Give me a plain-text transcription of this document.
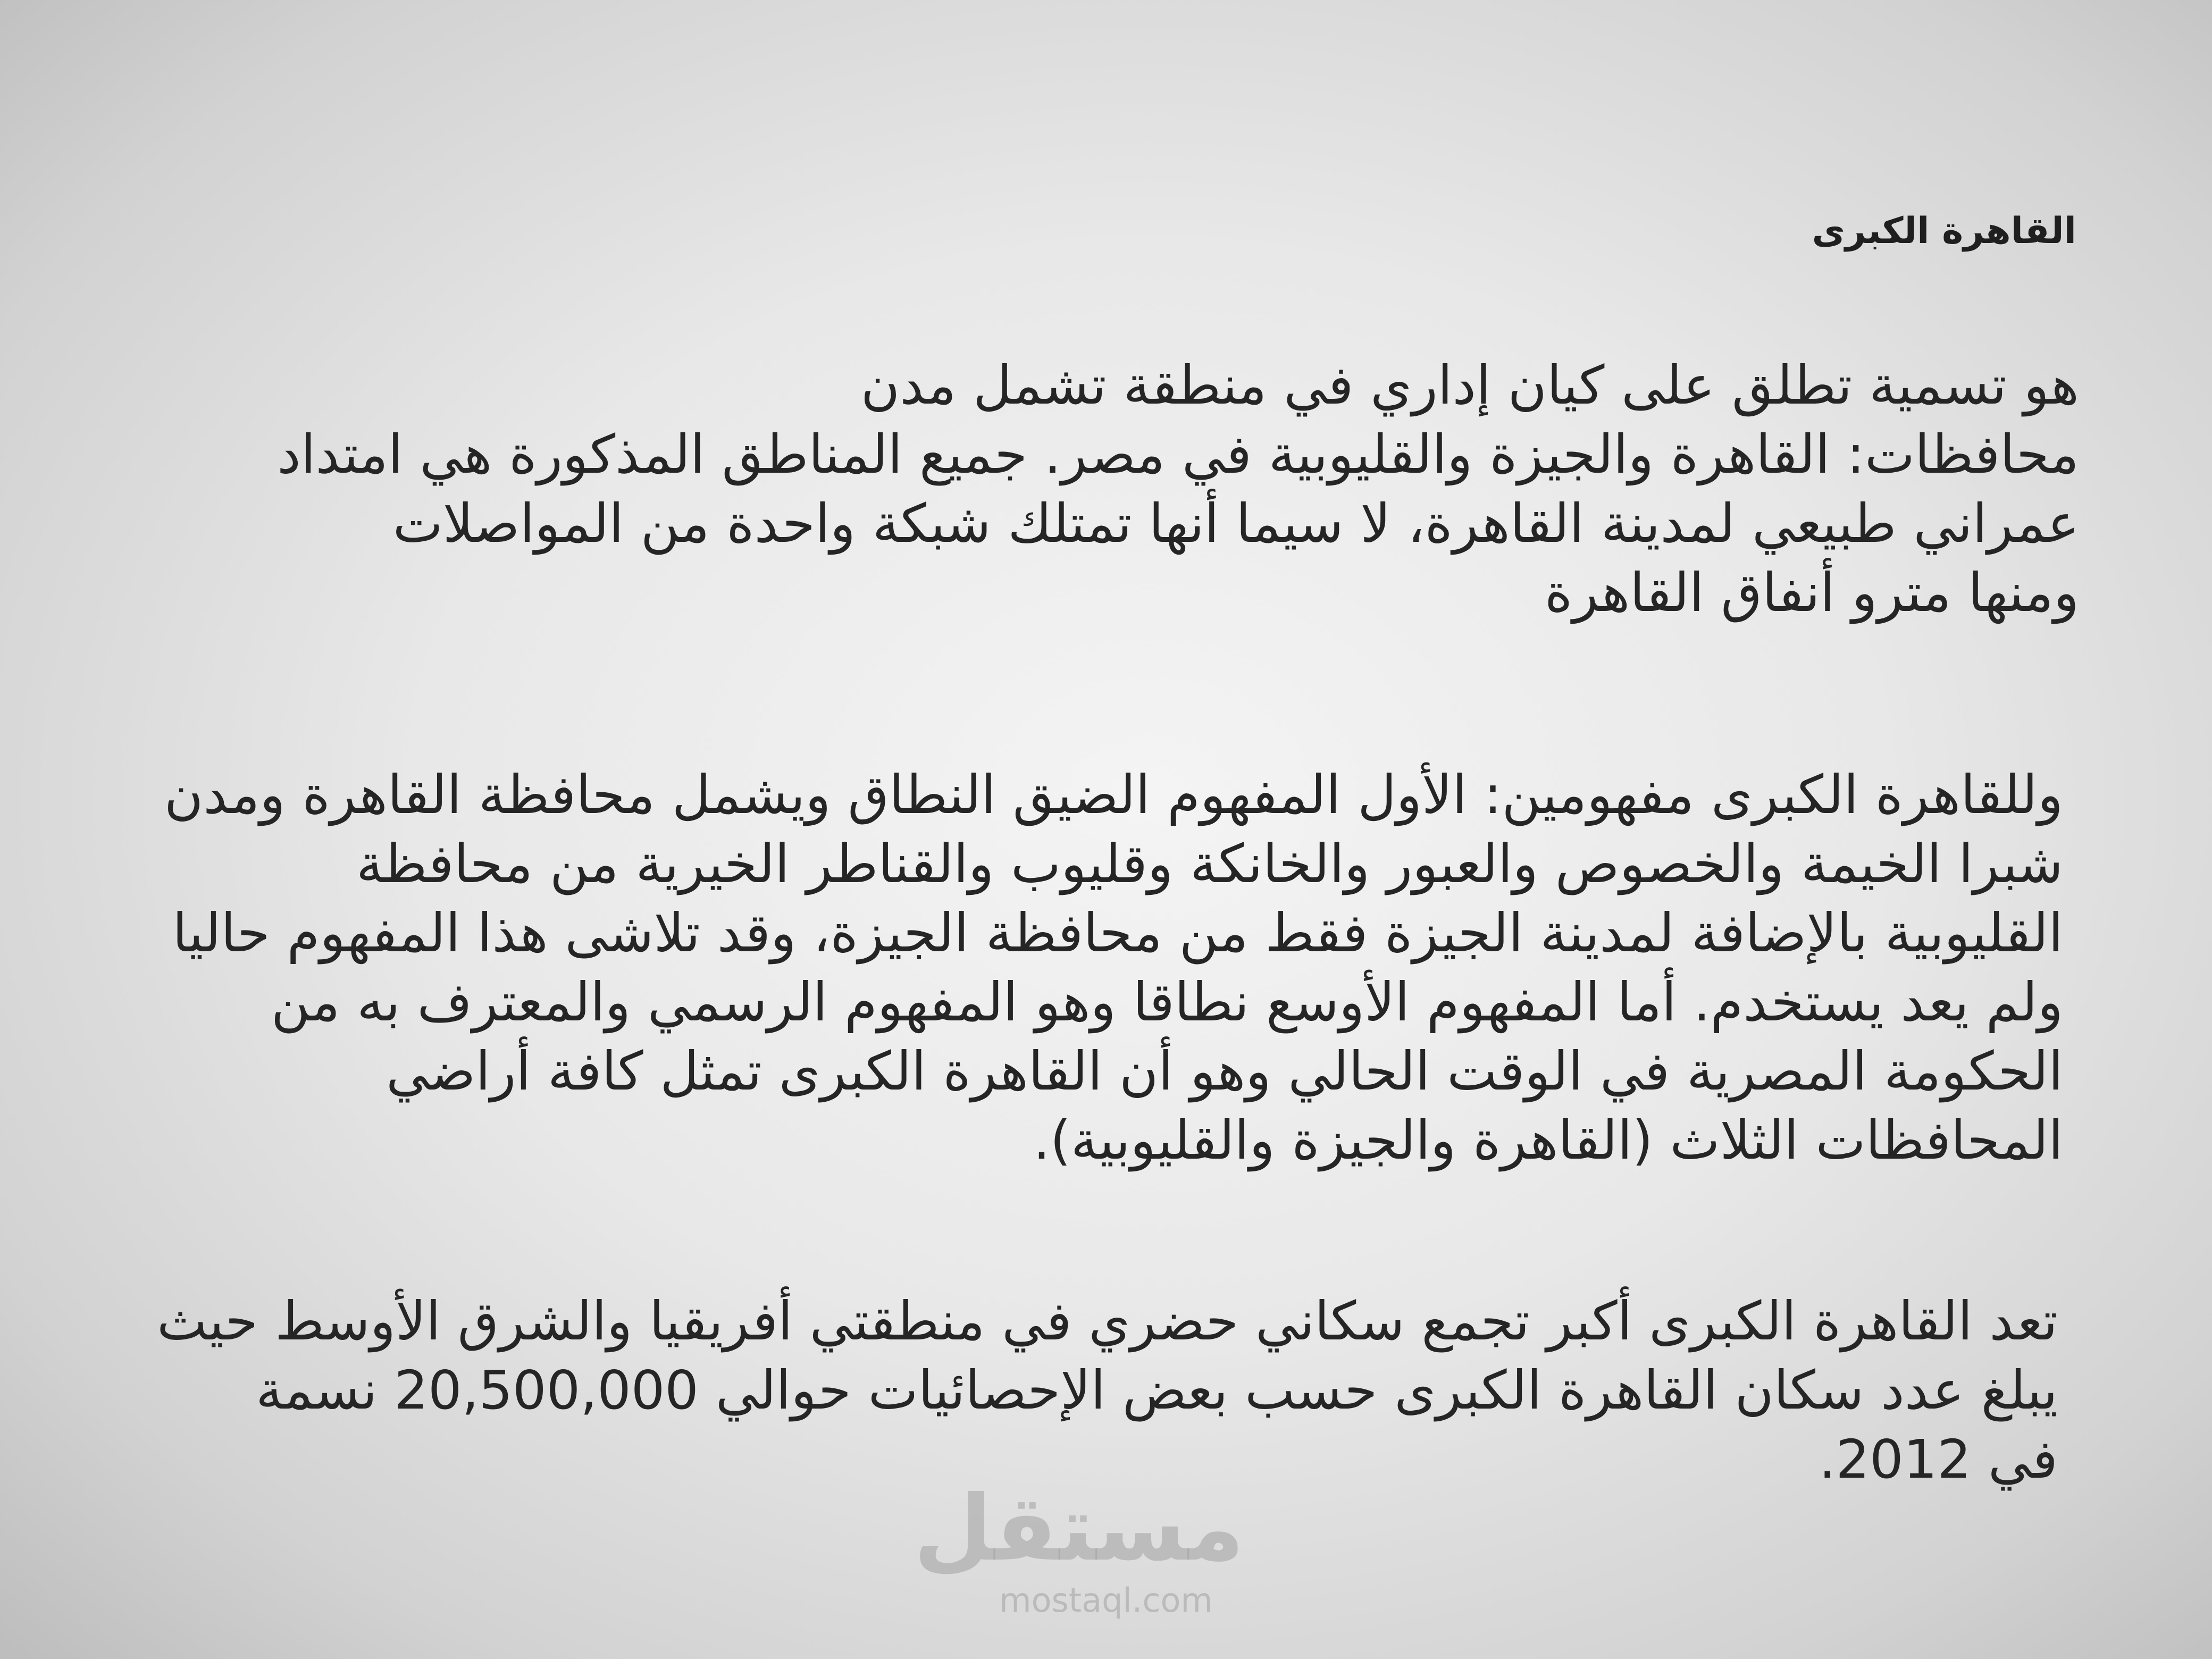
القاهرة الكبرى

هو تسمية تطلق على كيان إداري في منطقة تشمل مدن
محافظات: القاهرة والجيزة والقليوبية في مصر. جميع المناطق المذكورة هي امتداد
عمراني طبيعي لمدينة القاهرة، لا سيما أنها تمتلك شبكة واحدة من المواصلات
ومنها مترو أنفاق القاهرة

وللقاهرة الكبرى مفهومين: الأول المفهوم الضيق النطاق ويشمل محافظة القاهرة ومدن
شبرا الخيمة والخصوص والعبور والخانكة وقليوب والقناطر الخيرية من محافظة
القليوبية بالإضافة لمدينة الجيزة فقط من محافظة الجيزة، وقد تلاشى هذا المفهوم حاليا
ولم يعد يستخدم. أما المفهوم الأوسع نطاقا وهو المفهوم الرسمي والمعترف به من
الحكومة المصرية في الوقت الحالي وهو أن القاهرة الكبرى تمثل كافة أراضي
المحافظات الثلاث (القاهرة والجيزة والقليوبية).

تعد القاهرة الكبرى أكبر تجمع سكاني حضري في منطقتي أفريقيا والشرق الأوسط حيث
يبلغ عدد سكان القاهرة الكبرى حسب بعض الإحصائيات حوالي 20,500,000 نسمة
في 2012.

مستقل
mostaql.com
